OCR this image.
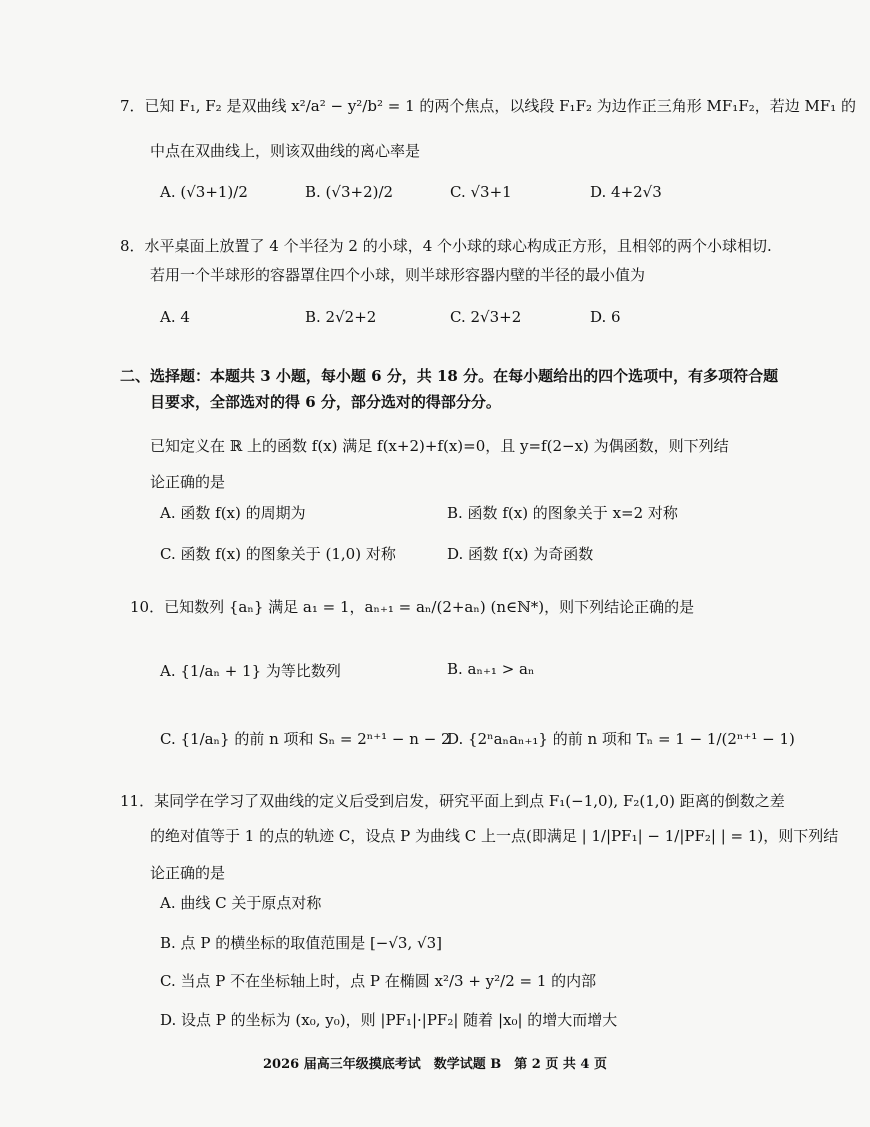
7．已知 F₁, F₂ 是双曲线 x²/a² − y²/b² = 1 的两个焦点，以线段 F₁F₂ 为边作正三角形 MF₁F₂，若边 MF₁ 的
中点在双曲线上，则该双曲线的离心率是
A. (√3+1)/2	B. (√3+2)/2	C. √3+1	D. 4+2√3
8．水平桌面上放置了 4 个半径为 2 的小球，4 个小球的球心构成正方形，且相邻的两个小球相切.
若用一个半球形的容器罩住四个小球，则半球形容器内壁的半径的最小值为
A. 4	B. 2√2+2	C. 2√3+2	D. 6
二、选择题：本题共 3 小题，每小题 6 分，共 18 分。在每小题给出的四个选项中，有多项符合题
目要求，全部选对的得 6 分，部分选对的得部分分。
已知定义在 ℝ 上的函数 f(x) 满足 f(x+2)+f(x)=0，且 y=f(2−x) 为偶函数，则下列结
论正确的是
A. 函数 f(x) 的周期为	B. 函数 f(x) 的图象关于 x=2 对称
C. 函数 f(x) 的图象关于 (1,0) 对称	D. 函数 f(x) 为奇函数
10．已知数列 {aₙ} 满足 a₁ = 1，aₙ₊₁ = aₙ/(2+aₙ) (n∈ℕ*)，则下列结论正确的是
A. {1/aₙ + 1} 为等比数列	B. aₙ₊₁ > aₙ
C. {1/aₙ} 的前 n 项和 Sₙ = 2ⁿ⁺¹ − n − 2
D. {2ⁿaₙaₙ₊₁} 的前 n 项和 Tₙ = 1 − 1/(2ⁿ⁺¹ − 1)
11．某同学在学习了双曲线的定义后受到启发，研究平面上到点 F₁(−1,0), F₂(1,0) 距离的倒数之差
的绝对值等于 1 的点的轨迹 C，设点 P 为曲线 C 上一点(即满足 | 1/|PF₁| − 1/|PF₂| | = 1)，则下列结
论正确的是
A. 曲线 C 关于原点对称
B. 点 P 的横坐标的取值范围是 [−√3, √3]
C. 当点 P 不在坐标轴上时，点 P 在椭圆 x²/3 + y²/2 = 1 的内部
D. 设点 P 的坐标为 (x₀, y₀)，则 |PF₁|·|PF₂| 随着 |x₀| 的增大而增大
2026 届高三年级摸底考试　数学试题 B　第 2 页 共 4 页
